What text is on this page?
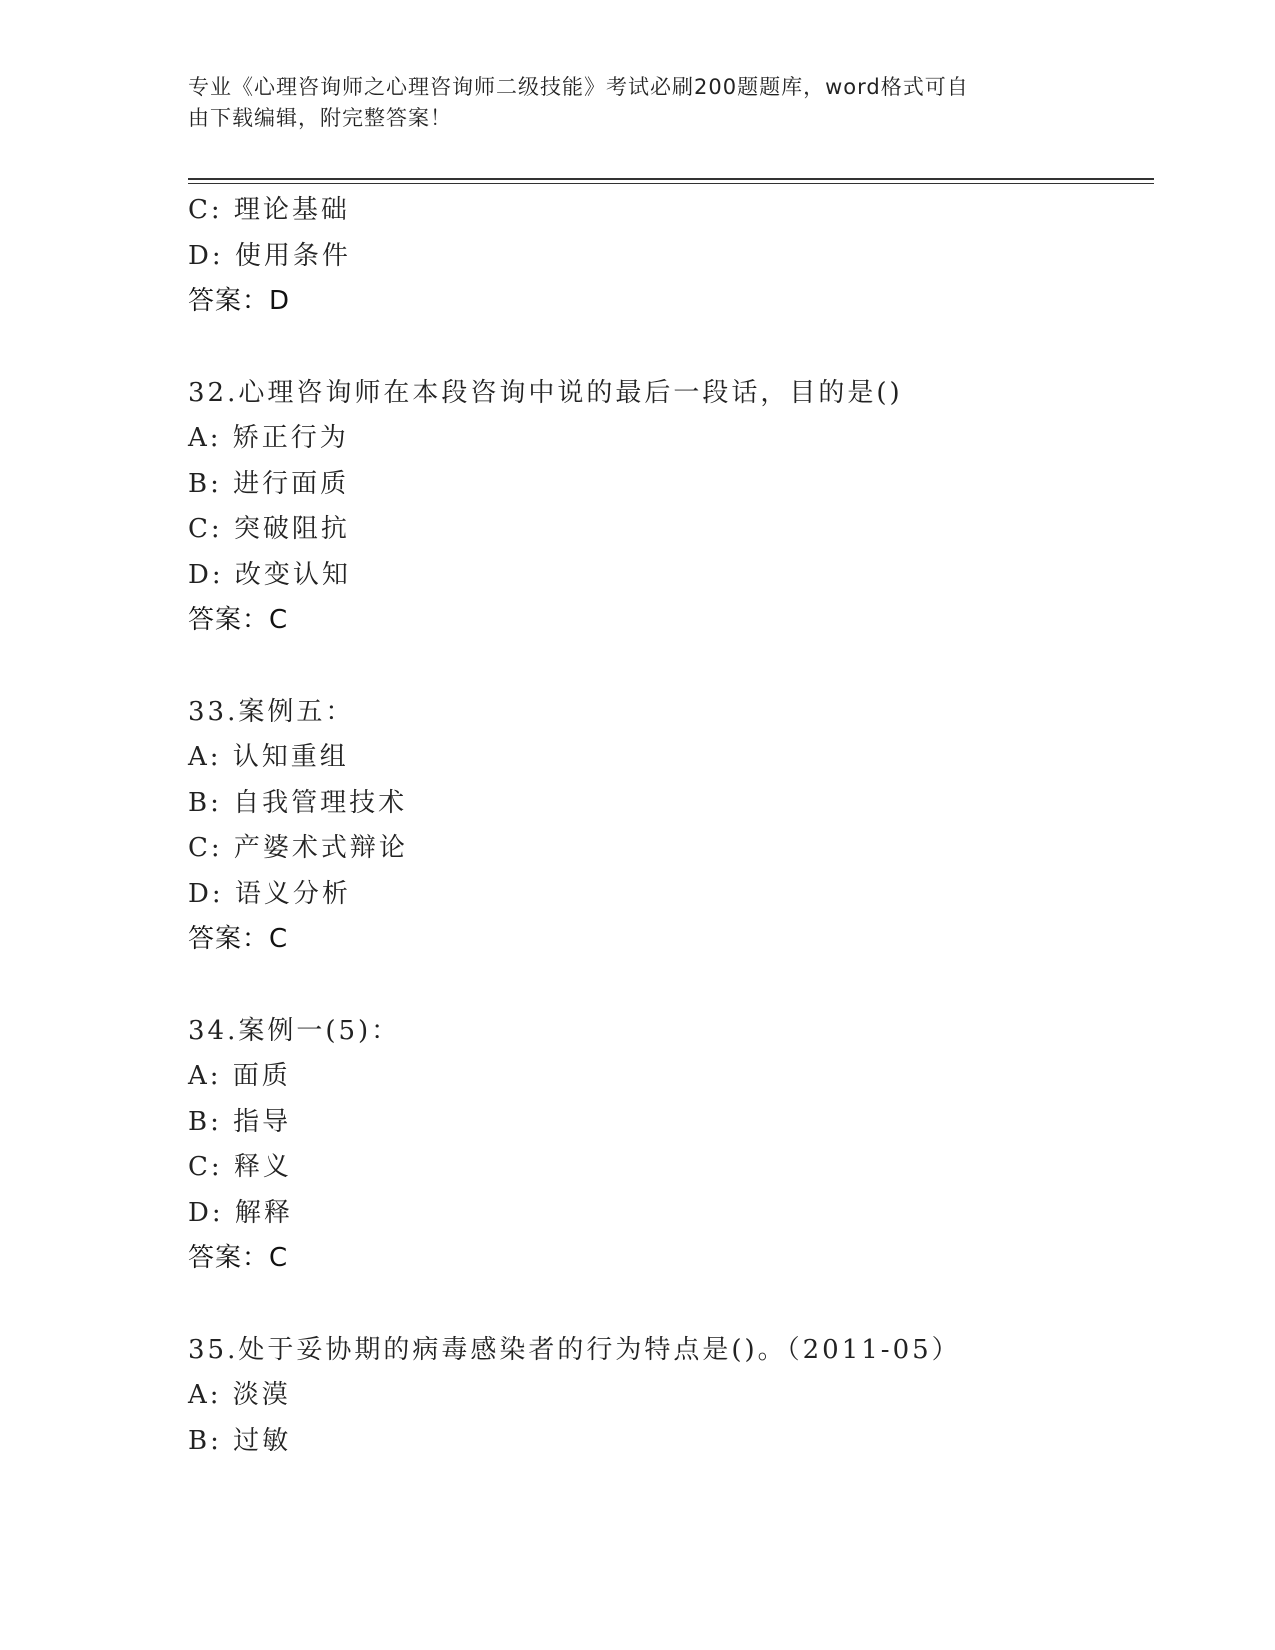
专业《心理咨询师之心理咨询师二级技能》考试必刷200题题库，word格式可自
由下载编辑，附完整答案！
C: 理论基础
D: 使用条件
答案：D
32.心理咨询师在本段咨询中说的最后一段话，目的是()
A: 矫正行为
B: 进行面质
C: 突破阻抗
D: 改变认知
答案：C
33.案例五：
A: 认知重组
B: 自我管理技术
C: 产婆术式辩论
D: 语义分析
答案：C
34.案例一(5)：
A: 面质
B: 指导
C: 释义
D: 解释
答案：C
35.处于妥协期的病毒感染者的行为特点是()。（2011-05）
A: 淡漠
B: 过敏
